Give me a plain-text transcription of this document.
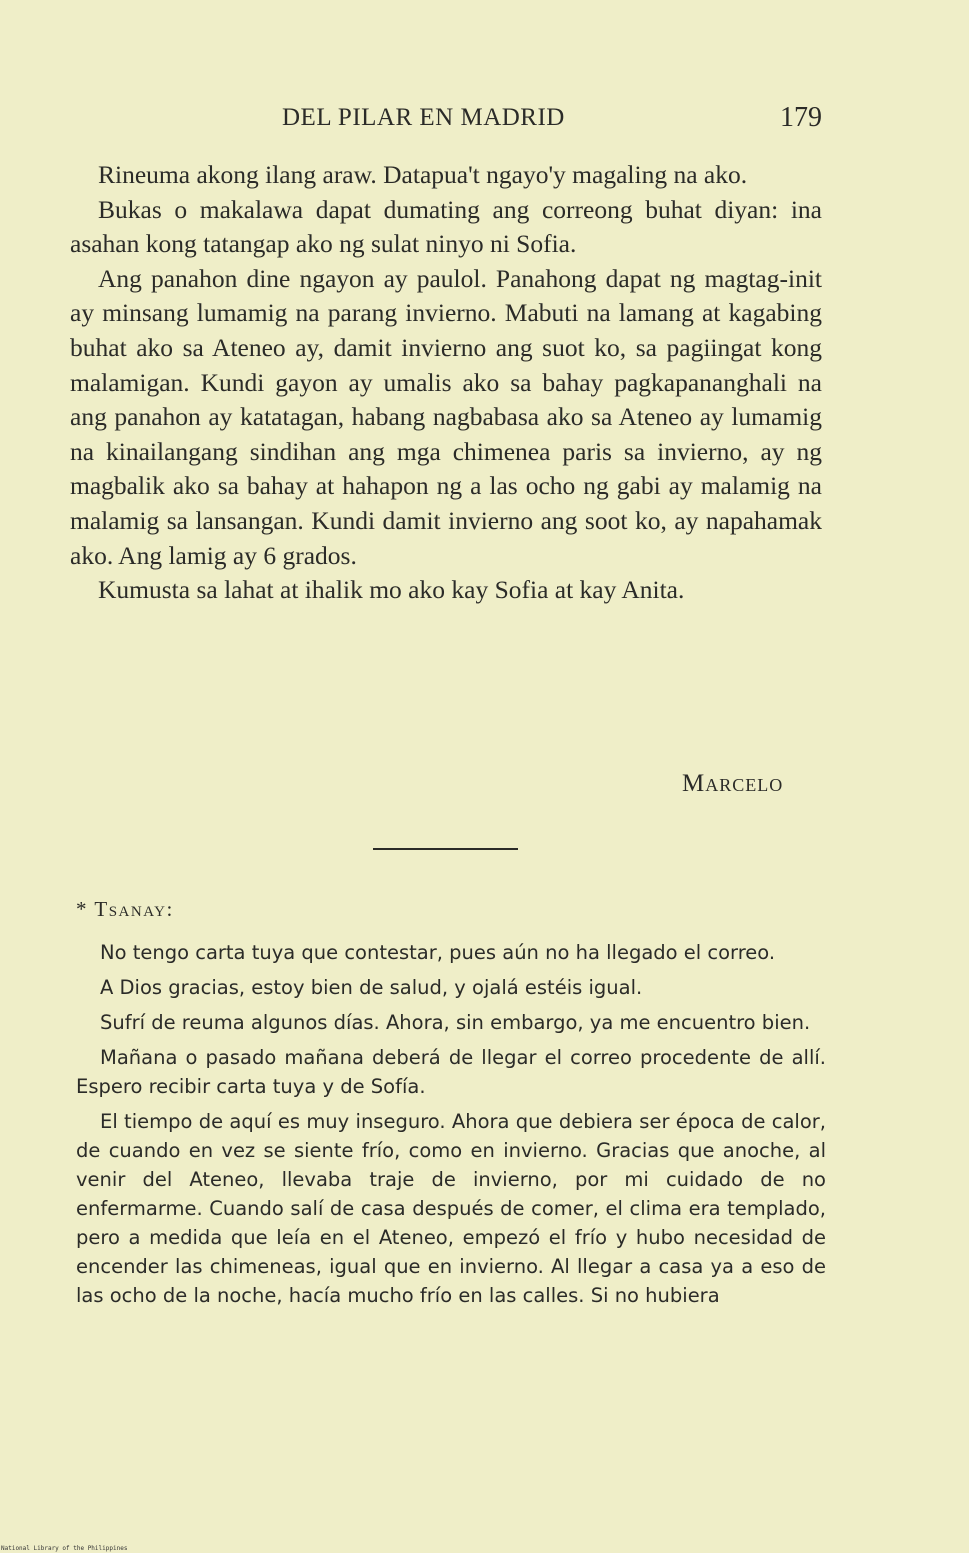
DEL PILAR EN MADRID	179

Rineuma akong ilang araw. Datapua't ngayo'y magaling na ako.

Bukas o makalawa dapat dumating ang correong buhat diyan: ina asahan kong tatangap ako ng sulat ninyo ni Sofia.

Ang panahon dine ngayon ay paulol. Panahong dapat ng magtag-init ay minsang lumamig na parang invierno. Mabuti na lamang at kagabing buhat ako sa Ateneo ay, damit invierno ang suot ko, sa pagiingat kong malamigan. Kundi gayon ay umalis ako sa bahay pagkapananghali na ang panahon ay katatagan, habang nagbabasa ako sa Ateneo ay lumamig na kinailangang sindihan ang mga chimenea paris sa invierno, ay ng magbalik ako sa bahay at hahapon ng a las ocho ng gabi ay malamig na malamig sa lansangan. Kundi damit invierno ang soot ko, ay napahamak ako. Ang lamig ay 6 grados.

Kumusta sa lahat at ihalik mo ako kay Sofia at kay Anita.

Marcelo
* Tsanay:

No tengo carta tuya que contestar, pues aún no ha llegado el correo.

A Dios gracias, estoy bien de salud, y ojalá estéis igual.

Sufrí de reuma algunos días. Ahora, sin embargo, ya me encuentro bien.

Mañana o pasado mañana deberá de llegar el correo procedente de allí. Espero recibir carta tuya y de Sofía.

El tiempo de aquí es muy inseguro. Ahora que debiera ser época de calor, de cuando en vez se siente frío, como en invierno. Gracias que anoche, al venir del Ateneo, llevaba traje de invierno, por mi cuidado de no enfermarme. Cuando salí de casa después de comer, el clima era templado, pero a medida que leía en el Ateneo, empezó el frío y hubo necesidad de encender las chimeneas, igual que en invierno. Al llegar a casa ya a eso de las ocho de la noche, hacía mucho frío en las calles. Si no hubiera

National Library of the Philippines
